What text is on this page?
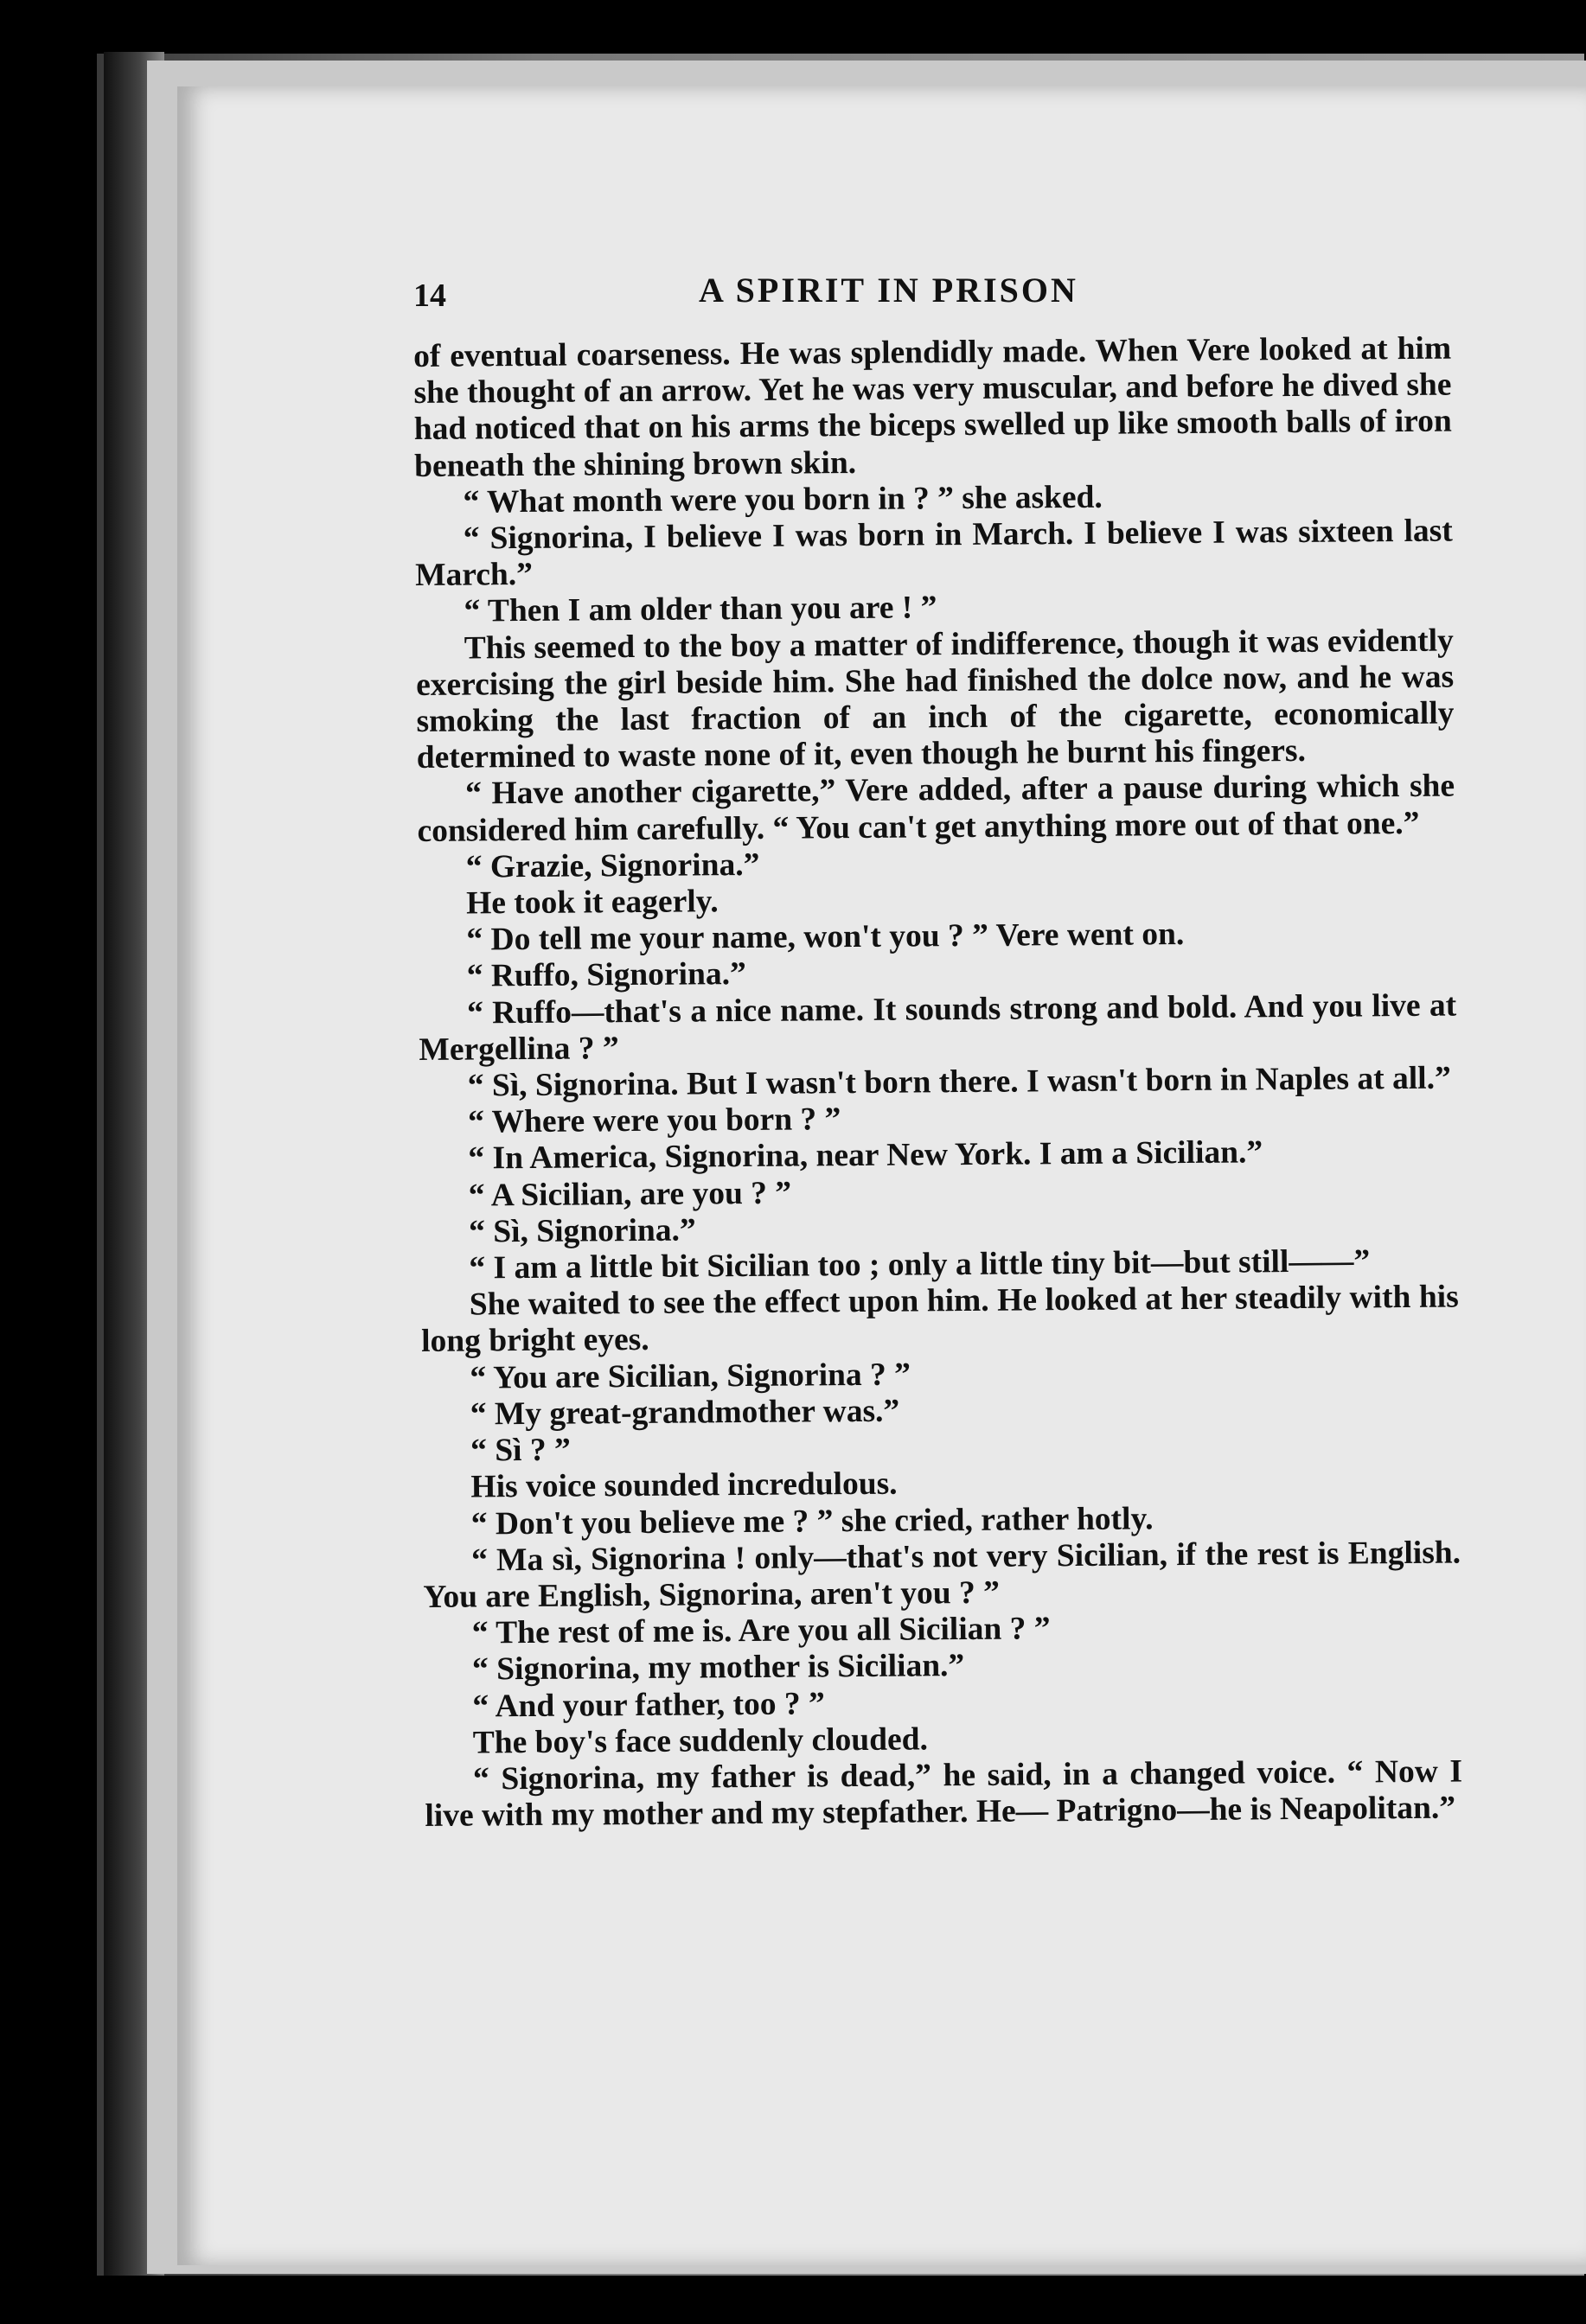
14	A SPIRIT IN PRISON

of eventual coarseness. He was splendidly made. When Vere looked at him she thought of an arrow. Yet he was very muscular, and before he dived she had noticed that on his arms the biceps swelled up like smooth balls of iron beneath the shining brown skin.

“ What month were you born in ? ” she asked.

“ Signorina, I believe I was born in March. I believe I was sixteen last March.”

“ Then I am older than you are ! ”

This seemed to the boy a matter of indifference, though it was evidently exercising the girl beside him. She had finished the dolce now, and he was smoking the last fraction of an inch of the cigarette, economically determined to waste none of it, even though he burnt his fingers.

“ Have another cigarette,” Vere added, after a pause during which she considered him carefully. “ You can't get anything more out of that one.”

“ Grazie, Signorina.”

He took it eagerly.

“ Do tell me your name, won't you ? ” Vere went on.

“ Ruffo, Signorina.”

“ Ruffo—that's a nice name. It sounds strong and bold. And you live at Mergellina ? ”

“ Sì, Signorina. But I wasn't born there. I wasn't born in Naples at all.”

“ Where were you born ? ”

“ In America, Signorina, near New York. I am a Sicilian.”

“ A Sicilian, are you ? ”

“ Sì, Signorina.”

“ I am a little bit Sicilian too ; only a little tiny bit—but still——”

She waited to see the effect upon him. He looked at her steadily with his long bright eyes.

“ You are Sicilian, Signorina ? ”

“ My great-grandmother was.”

“ Sì ? ”

His voice sounded incredulous.

“ Don't you believe me ? ” she cried, rather hotly.

“ Ma sì, Signorina ! only—that's not very Sicilian, if the rest is English. You are English, Signorina, aren't you ? ”

“ The rest of me is. Are you all Sicilian ? ”

“ Signorina, my mother is Sicilian.”

“ And your father, too ? ”

The boy's face suddenly clouded.

“ Signorina, my father is dead,” he said, in a changed voice. “ Now I live with my mother and my stepfather. He— Patrigno—he is Neapolitan.”
